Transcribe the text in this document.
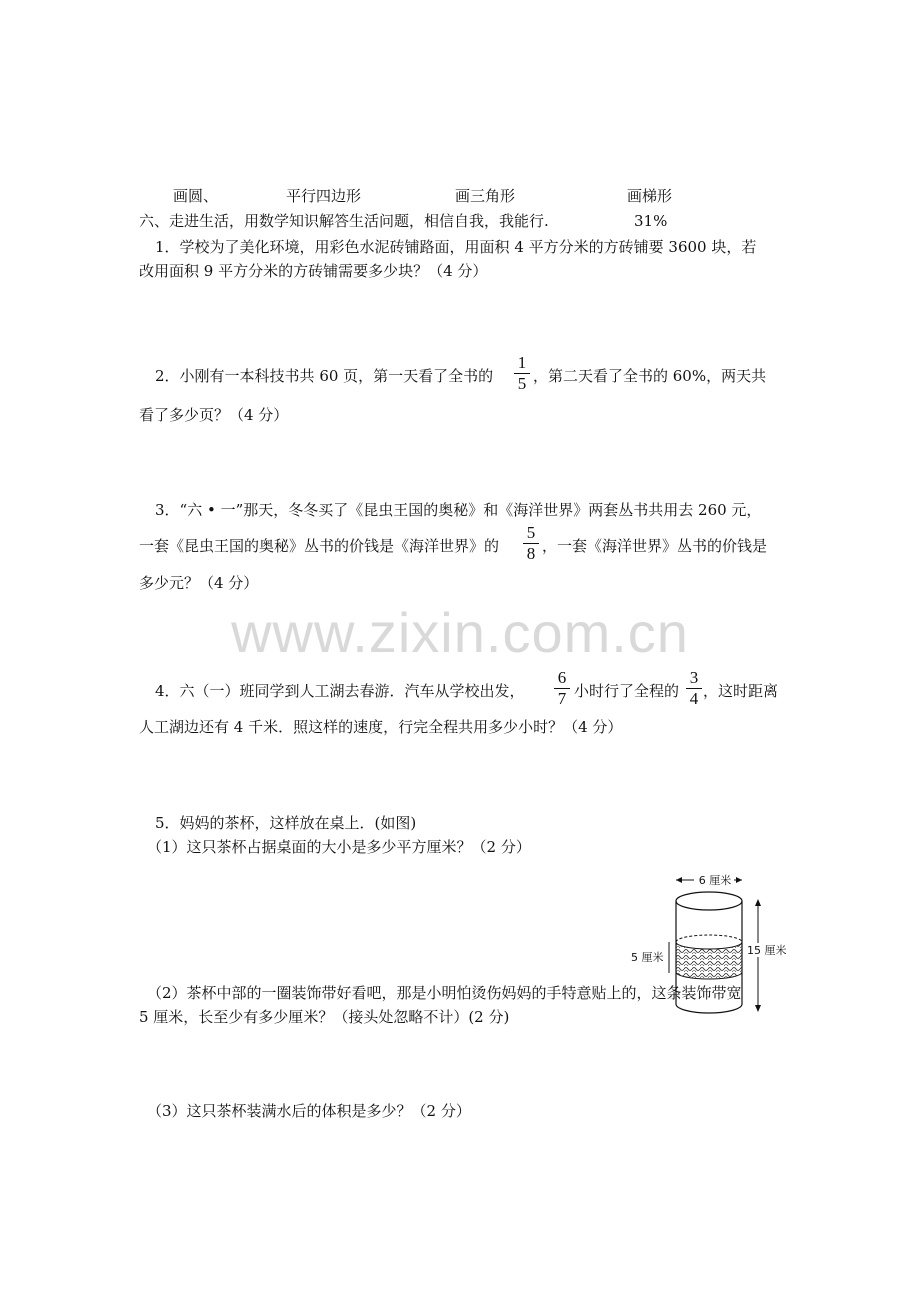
画圆、	平行四边形	画三角形	画梯形
六、走进生活，用数学知识解答生活问题，相信自我，我能行.	31%
1．学校为了美化环境，用彩色水泥砖铺路面，用面积 4 平方分米的方砖铺要 3600 块，若
改用面积 9 平方分米的方砖铺需要多少块？（4 分）
2．小刚有一本科技书共 60 页，第一天看了全书的
1
5 ，第二天看了全书的 60%，两天共
看了多少页？（4 分）
3．“六 • 一”那天，冬冬买了《昆虫王国的奥秘》和《海洋世界》两套丛书共用去 260 元，
一套《昆虫王国的奥秘》丛书的价钱是《海洋世界》的
5
8 ，一套《海洋世界》丛书的价钱是
多少元？（4 分）
www.zixin.com.cn
4．六（一）班同学到人工湖去春游．汽车从学校出发，
6
7 小时行了全程的
3
4 ，这时距离
人工湖边还有 4 千米．照这样的速度，行完全程共用多少小时？（4 分）
5．妈妈的茶杯，这样放在桌上．(如图)
（1）这只茶杯占据桌面的大小是多少平方厘米？（2 分）
（2）茶杯中部的一圈装饰带好看吧，那是小明怕烫伤妈妈的手特意贴上的，这条装饰带宽
5 厘米，长至少有多少厘米？（接头处忽略不计）(2 分)
（3）这只茶杯装满水后的体积是多少？（2 分）
6 厘米
5 厘米
15 厘米
